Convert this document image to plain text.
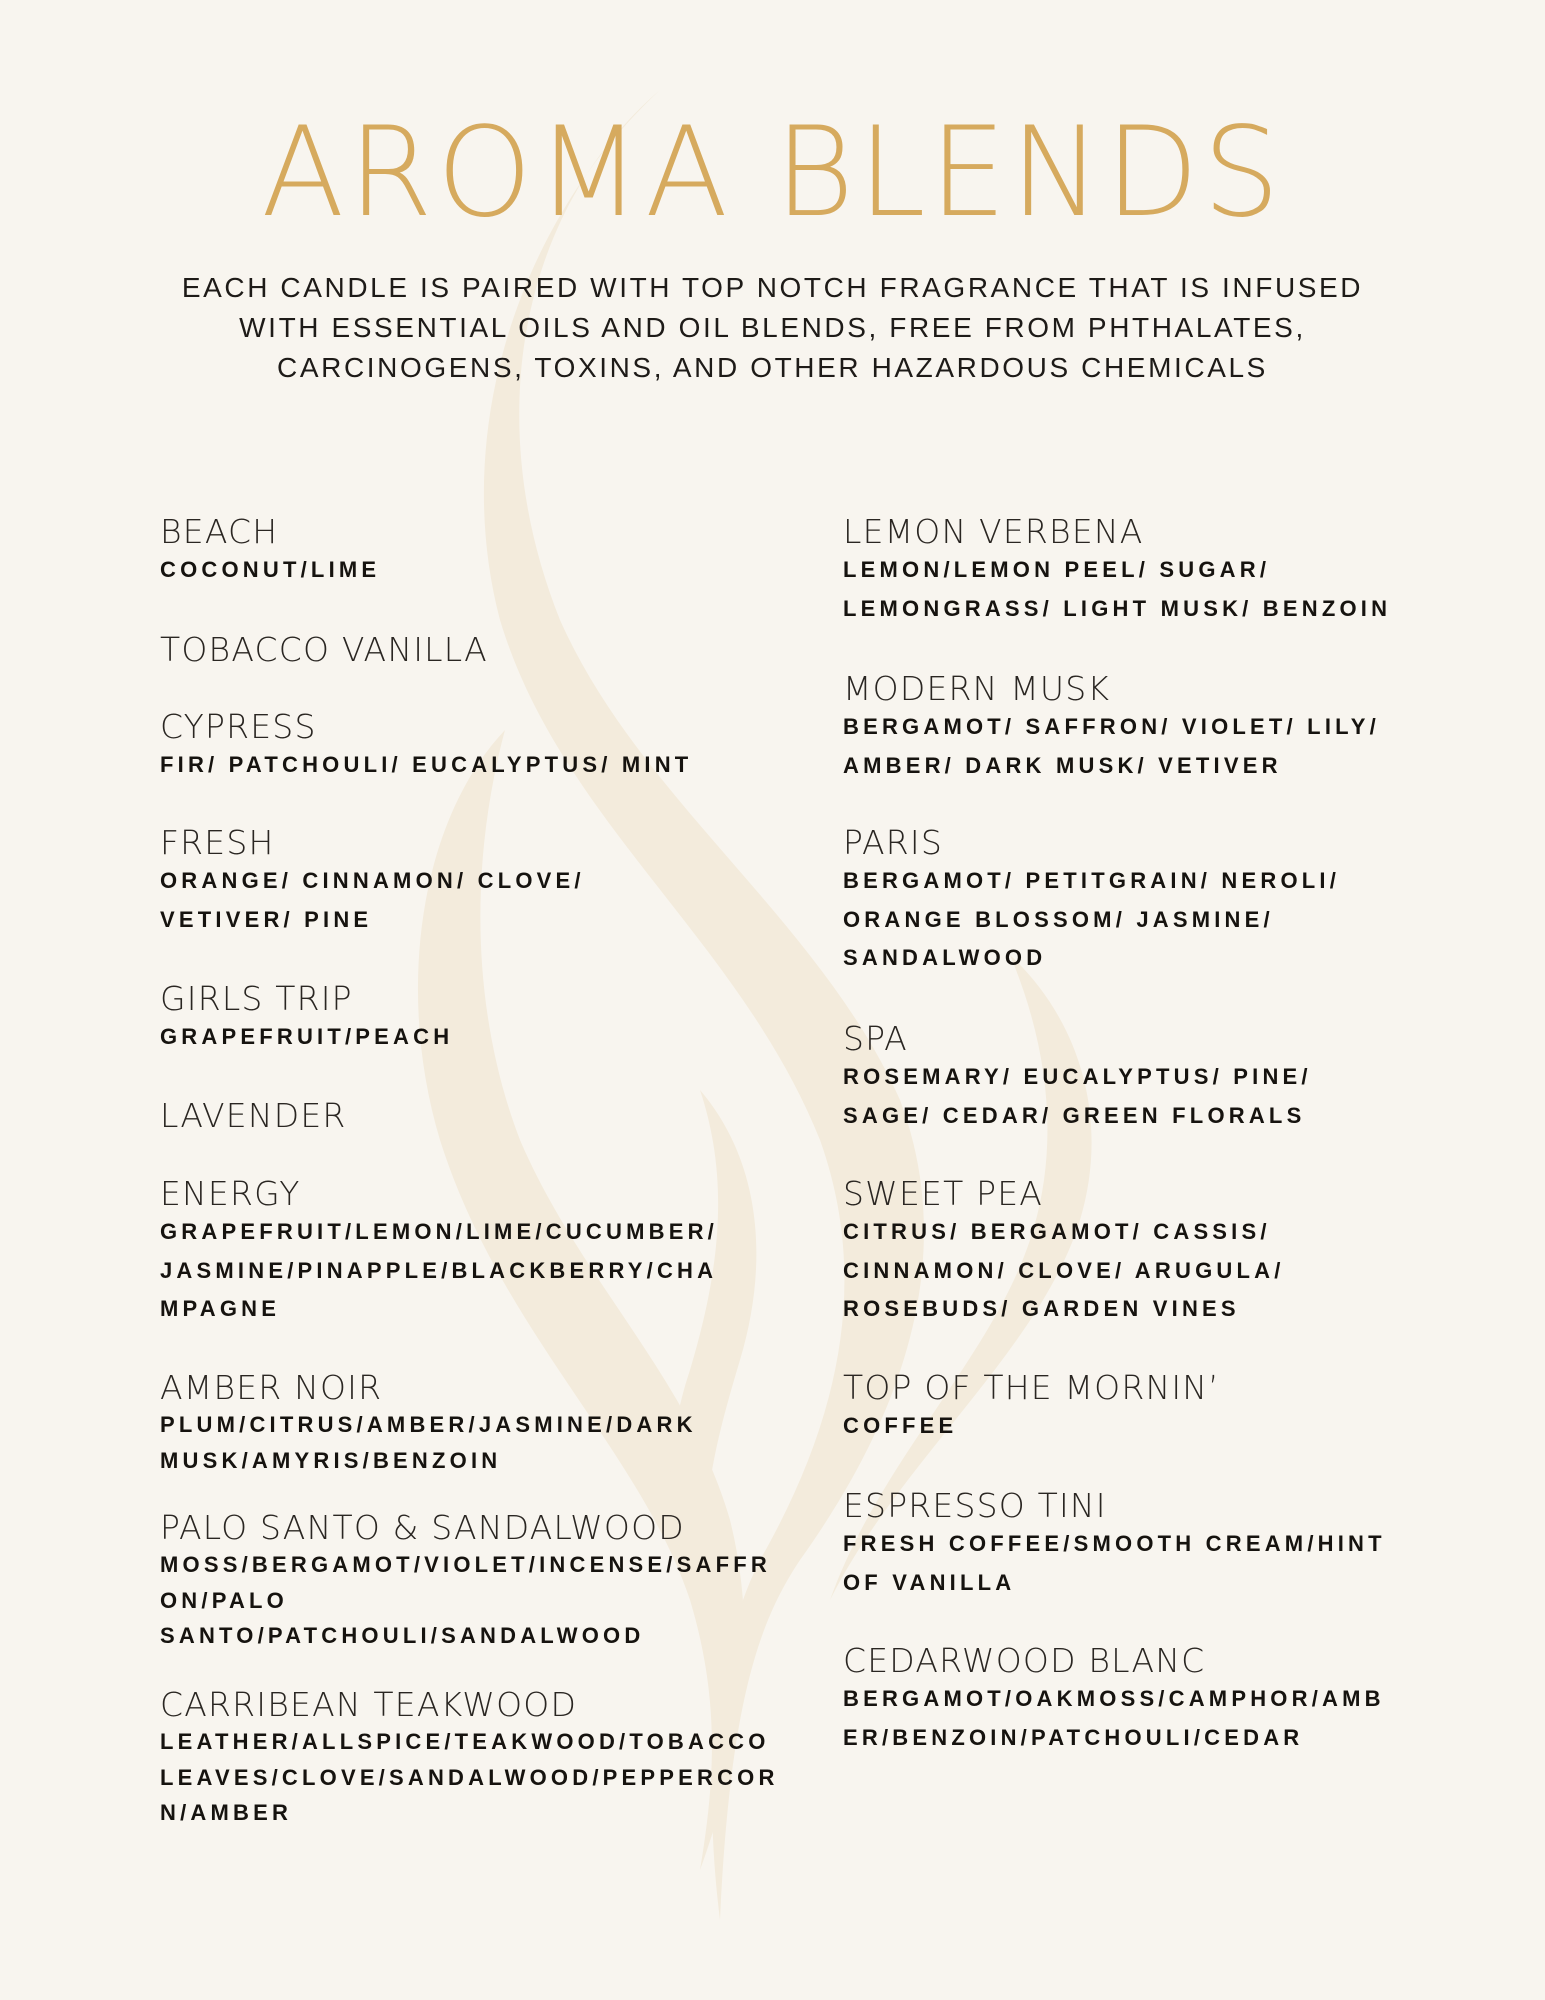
AROMA BLENDS
EACH CANDLE IS PAIRED WITH TOP NOTCH FRAGRANCE THAT IS INFUSED
WITH ESSENTIAL OILS AND OIL BLENDS, FREE FROM PHTHALATES,
CARCINOGENS, TOXINS, AND OTHER HAZARDOUS CHEMICALS
BEACH
COCONUT/LIME
TOBACCO VANILLA
CYPRESS
FIR/ PATCHOULI/ EUCALYPTUS/ MINT
FRESH
ORANGE/ CINNAMON/ CLOVE/
VETIVER/ PINE
GIRLS TRIP
GRAPEFRUIT/PEACH
LAVENDER
ENERGY
GRAPEFRUIT/LEMON/LIME/CUCUMBER/
JASMINE/PINAPPLE/BLACKBERRY/CHA
MPAGNE
AMBER NOIR
PLUM/CITRUS/AMBER/JASMINE/DARK
MUSK/AMYRIS/BENZOIN
PALO SANTO & SANDALWOOD
MOSS/BERGAMOT/VIOLET/INCENSE/SAFFR
ON/PALO
SANTO/PATCHOULI/SANDALWOOD
CARRIBEAN TEAKWOOD
LEATHER/ALLSPICE/TEAKWOOD/TOBACCO
LEAVES/CLOVE/SANDALWOOD/PEPPERCOR
N/AMBER
LEMON VERBENA
LEMON/LEMON PEEL/ SUGAR/
LEMONGRASS/ LIGHT MUSK/ BENZOIN
MODERN MUSK
BERGAMOT/ SAFFRON/ VIOLET/ LILY/
AMBER/ DARK MUSK/ VETIVER
PARIS
BERGAMOT/ PETITGRAIN/ NEROLI/
ORANGE BLOSSOM/ JASMINE/
SANDALWOOD
SPA
ROSEMARY/ EUCALYPTUS/ PINE/
SAGE/ CEDAR/ GREEN FLORALS
SWEET PEA
CITRUS/ BERGAMOT/ CASSIS/
CINNAMON/ CLOVE/ ARUGULA/
ROSEBUDS/ GARDEN VINES
TOP OF THE MORNIN’
COFFEE
ESPRESSO TINI
FRESH COFFEE/SMOOTH CREAM/HINT
OF VANILLA
CEDARWOOD BLANC
BERGAMOT/OAKMOSS/CAMPHOR/AMB
ER/BENZOIN/PATCHOULI/CEDAR
